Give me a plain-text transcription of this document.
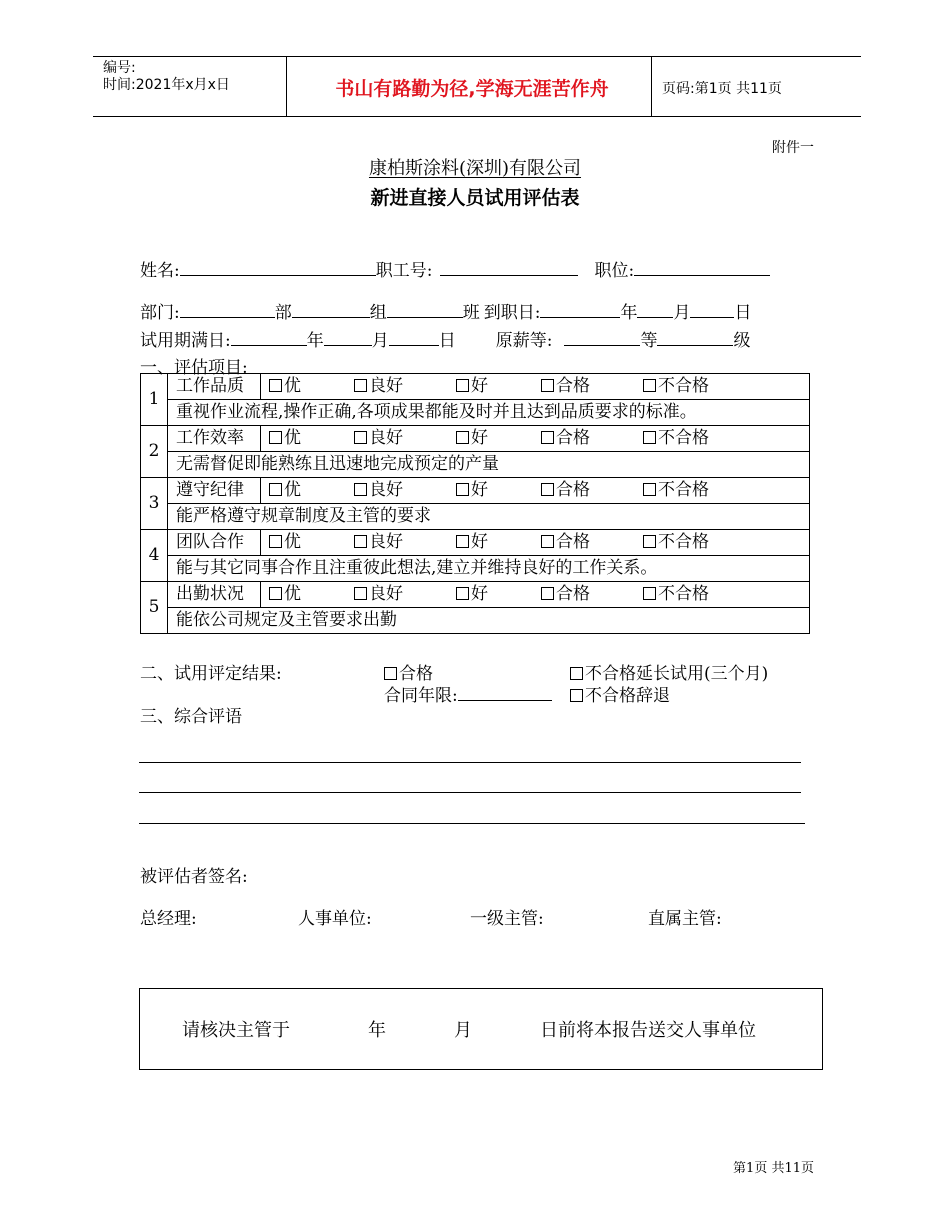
编号:
时间:2021年x月x日	书山有路勤为径,学海无涯苦作舟	页码:第1页 共11页
附件一
康柏斯涂料(深圳)有限公司
新进直接人员试用评估表
姓名:	职工号:	职位:
部门:	部	组	班 到职日:	年 月	日
试用期满日:	年	月	日 原薪等:	等	级
一、评估项目:
1	工作品质	优 良好 好 合格 不合格
	重视作业流程,操作正确,各项成果都能及时并且达到品质要求的标准。	
2	工作效率	优 良好 好 合格 不合格
	无需督促即能熟练且迅速地完成预定的产量	
3	遵守纪律	优 良好 好 合格 不合格
	能严格遵守规章制度及主管的要求	
4	团队合作	优 良好 好 合格 不合格
	能与其它同事合作且注重彼此想法,建立并维持良好的工作关系。	
5	出勤状况	优 良好 好 合格 不合格
	能依公司规定及主管要求出勤	
二、试用评定结果:	合格	不合格延长试用(三个月)
合同年限:	不合格辞退
三、综合评语
被评估者签名:
总经理:	人事单位:	一级主管:	直属主管:
请核决主管于	年	月	日前将本报告送交人事单位
第1页 共11页
